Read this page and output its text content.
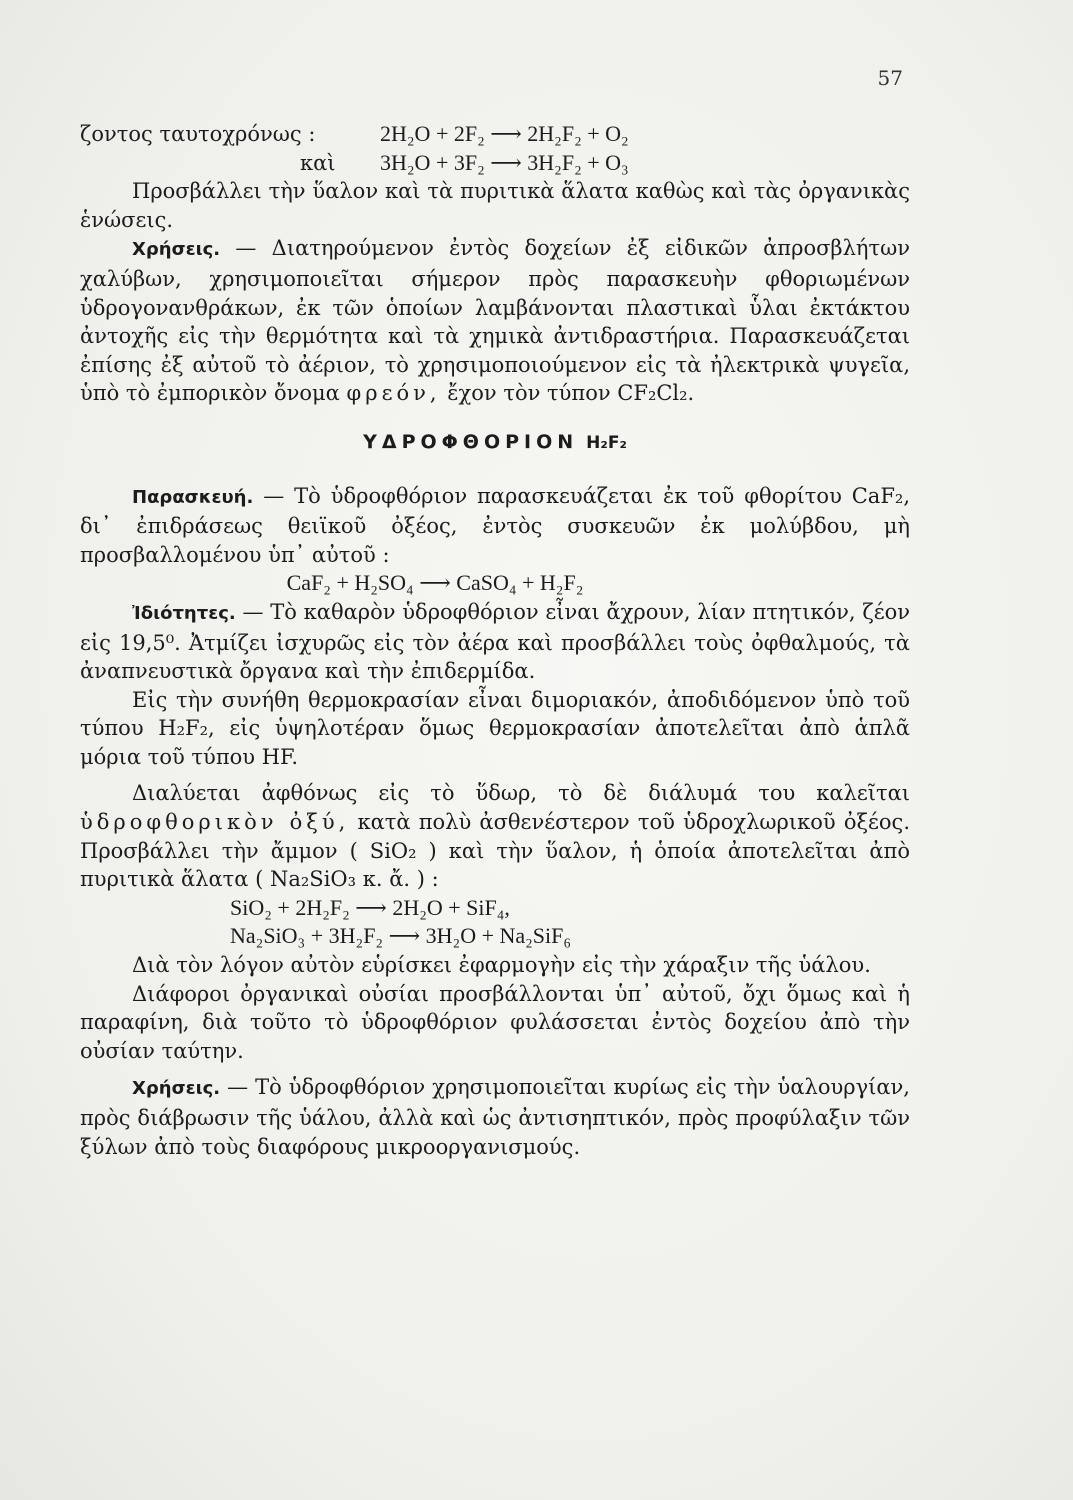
57
ζοντος ταυτοχρόνως :	2H₂O + 2F₂ ⟶ 2H₂F₂ + O₂
καὶ	3H₂O + 3F₂ ⟶ 3H₂F₂ + O₃

Προσβάλλει τὴν ὕαλον καὶ τὰ πυριτικὰ ἅλατα καθὼς καὶ τὰς ὀργανικὰς ἑνώσεις.

Χρήσεις. — Διατηρούμενον ἐντὸς δοχείων ἐξ εἰδικῶν ἀπροσβλήτων χαλύβων, χρησιμοποιεῖται σήμερον πρὸς παρασκευὴν φθοριωμένων ὑδρογονανθράκων, ἐκ τῶν ὁποίων λαμβάνονται πλαστικαὶ ὗλαι ἐκτάκτου ἀντοχῆς εἰς τὴν θερμότητα καὶ τὰ χημικὰ ἀντιδραστήρια. Παρασκευάζεται ἐπίσης ἐξ αὐτοῦ τὸ ἀέριον, τὸ χρησιμοποιούμενον εἰς τὰ ἠλεκτρικὰ ψυγεῖα, ὑπὸ τὸ ἐμπορικὸν ὄνομα φρεόν, ἔχον τὸν τύπον CF₂Cl₂.

ΥΔΡΟΦΘΟΡΙΟΝ H₂F₂

Παρασκευή. — Τὸ ὑδροφθόριον παρασκευάζεται ἐκ τοῦ φθορίτου CaF₂, δι᾿ ἐπιδράσεως θειϊκοῦ ὀξέος, ἐντὸς συσκευῶν ἐκ μολύβδου, μὴ προσβαλλομένου ὑπ᾿ αὐτοῦ :

CaF₂ + H₂SO₄ ⟶ CaSO₄ + H₂F₂

Ἰδιότητες. — Τὸ καθαρὸν ὑδροφθόριον εἶναι ἄχρουν, λίαν πτητικόν, ζέον εἰς 19,5⁰. Ἀτμίζει ἰσχυρῶς εἰς τὸν ἀέρα καὶ προσβάλλει τοὺς ὀφθαλμούς, τὰ ἀναπνευστικὰ ὄργανα καὶ τὴν ἐπιδερμίδα.

Εἰς τὴν συνήθη θερμοκρασίαν εἶναι διμοριακόν, ἀποδιδόμενον ὑπὸ τοῦ τύπου H₂F₂, εἰς ὑψηλοτέραν ὅμως θερμοκρασίαν ἀποτελεῖται ἀπὸ ἁπλᾶ μόρια τοῦ τύπου HF.

Διαλύεται ἀφθόνως εἰς τὸ ὕδωρ, τὸ δὲ διάλυμά του καλεῖται ὑδροφθορικὸν ὀξύ, κατὰ πολὺ ἀσθενέστερον τοῦ ὑδροχλωρικοῦ ὀξέος. Προσβάλλει τὴν ἄμμον ( SiO₂ ) καὶ τὴν ὕαλον, ἡ ὁποία ἀποτελεῖται ἀπὸ πυριτικὰ ἅλατα ( Na₂SiO₃ κ. ἄ. ) :

SiO₂ + 2H₂F₂ ⟶ 2H₂O + SiF₄,
Na₂SiO₃ + 3H₂F₂ ⟶ 3H₂O + Na₂SiF₆

Διὰ τὸν λόγον αὐτὸν εὑρίσκει ἐφαρμογὴν εἰς τὴν χάραξιν τῆς ὑάλου.

Διάφοροι ὀργανικαὶ οὐσίαι προσβάλλονται ὑπ᾿ αὐτοῦ, ὄχι ὅμως καὶ ἡ παραφίνη, διὰ τοῦτο τὸ ὑδροφθόριον φυλάσσεται ἐντὸς δοχείου ἀπὸ τὴν οὐσίαν ταύτην.

Χρήσεις. — Τὸ ὑδροφθόριον χρησιμοποιεῖται κυρίως εἰς τὴν ὑαλουργίαν, πρὸς διάβρωσιν τῆς ὑάλου, ἀλλὰ καὶ ὡς ἀντισηπτικόν, πρὸς προφύλαξιν τῶν ξύλων ἀπὸ τοὺς διαφόρους μικροοργανισμούς.
